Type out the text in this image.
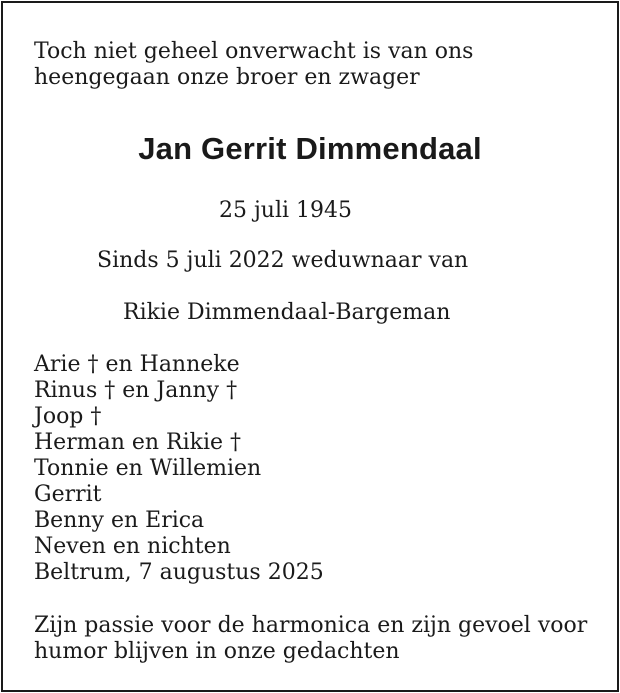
Toch niet geheel onverwacht is van ons
heengegaan onze broer en zwager
Jan Gerrit Dimmendaal
25 juli 1945
Sinds 5 juli 2022 weduwnaar van
Rikie Dimmendaal-Bargeman
Arie † en Hanneke
Rinus † en Janny †
Joop †
Herman en Rikie †
Tonnie en Willemien
Gerrit
Benny en Erica
Neven en nichten
Beltrum, 7 augustus 2025
Zijn passie voor de harmonica en zijn gevoel voor
humor blijven in onze gedachten
